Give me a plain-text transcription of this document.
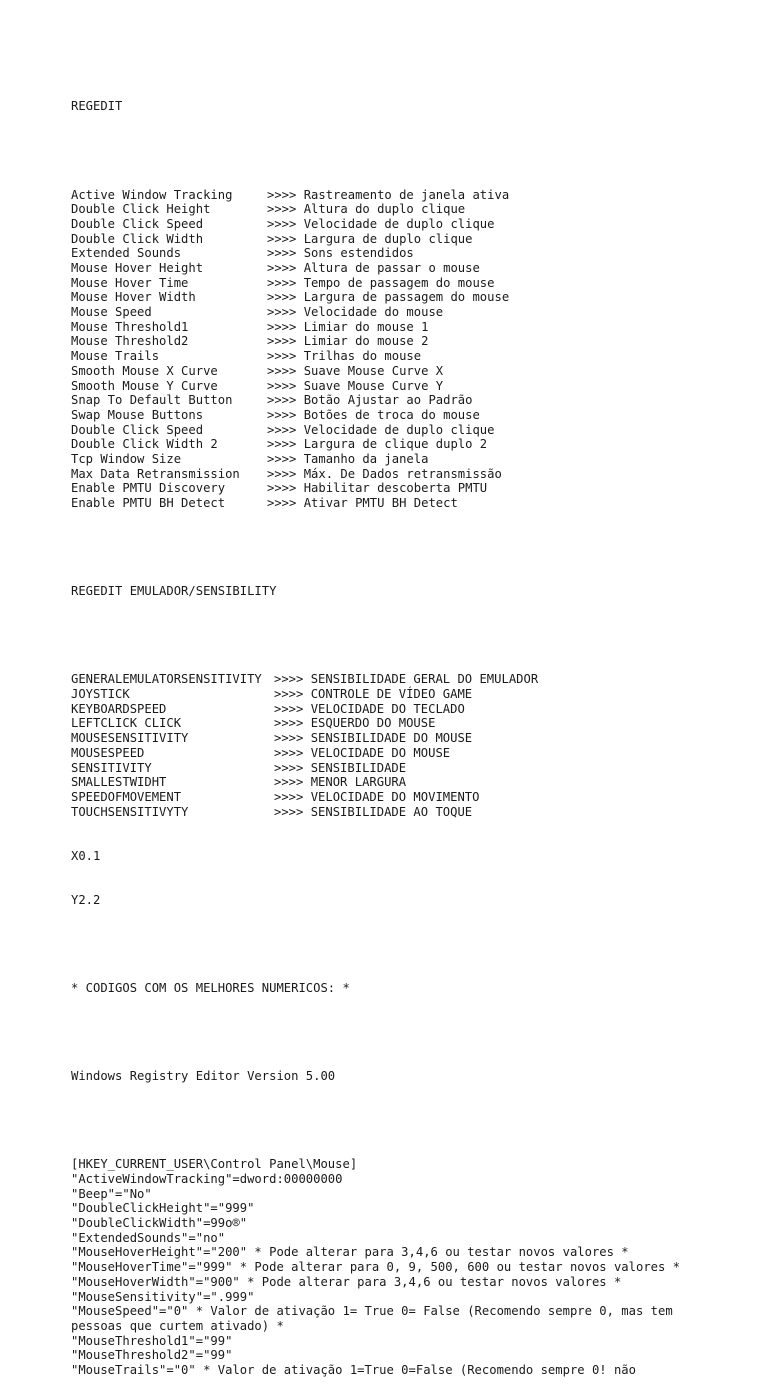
REGEDIT

Active Window Tracking	>>>> Rastreamento de janela ativa
Double Click Height	>>>> Altura do duplo clique
Double Click Speed	>>>> Velocidade de duplo clique
Double Click Width	>>>> Largura de duplo clique
Extended Sounds	>>>> Sons estendidos
Mouse Hover Height	>>>> Altura de passar o mouse
Mouse Hover Time	>>>> Tempo de passagem do mouse
Mouse Hover Width	>>>> Largura de passagem do mouse
Mouse Speed	>>>> Velocidade do mouse
Mouse Threshold1	>>>> Limiar do mouse 1
Mouse Threshold2	>>>> Limiar do mouse 2
Mouse Trails	>>>> Trilhas do mouse
Smooth Mouse X Curve	>>>> Suave Mouse Curve X
Smooth Mouse Y Curve	>>>> Suave Mouse Curve Y
Snap To Default Button	>>>> Botão Ajustar ao Padrão
Swap Mouse Buttons	>>>> Botões de troca do mouse
Double Click Speed	>>>> Velocidade de duplo clique
Double Click Width 2	>>>> Largura de clique duplo 2
Tcp Window Size	>>>> Tamanho da janela
Max Data Retransmission >>>> Máx. De Dados retransmissão
Enable PMTU Discovery	>>>> Habilitar descoberta PMTU
Enable PMTU BH Detect	>>>> Ativar PMTU BH Detect

REGEDIT EMULADOR/SENSIBILITY

GENERALEMULATORSENSITIVITY >>>> SENSIBILIDADE GERAL DO EMULADOR
JOYSTICK	>>>> CONTROLE DE VÍDEO GAME
KEYBOARDSPEED	>>>> VELOCIDADE DO TECLADO
LEFTCLICK CLICK	>>>> ESQUERDO DO MOUSE
MOUSESENSITIVITY	>>>> SENSIBILIDADE DO MOUSE
MOUSESPEED	>>>> VELOCIDADE DO MOUSE
SENSITIVITY	>>>> SENSIBILIDADE
SMALLESTWIDHT	>>>> MENOR LARGURA
SPEEDOFMOVEMENT	>>>> VELOCIDADE DO MOVIMENTO
TOUCHSENSITIVYTY	>>>> SENSIBILIDADE AO TOQUE

X0.1

Y2.2

* CODIGOS COM OS MELHORES NUMERICOS: *

Windows Registry Editor Version 5.00

[HKEY_CURRENT_USER\Control Panel\Mouse]
"ActiveWindowTracking"=dword:00000000
"Beep"="No"
"DoubleClickHeight"="999"
"DoubleClickWidth"=99o®"
"ExtendedSounds"="no"
"MouseHoverHeight"="200" * Pode alterar para 3,4,6 ou testar novos valores *
"MouseHoverTime"="999" * Pode alterar para 0, 9, 500, 600 ou testar novos valores *
"MouseHoverWidth"="900" * Pode alterar para 3,4,6 ou testar novos valores *
"MouseSensitivity"=".999"
"MouseSpeed"="0" * Valor de ativação 1= True 0= False (Recomendo sempre 0, mas tem
pessoas que curtem ativado) *
"MouseThreshold1"="99"
"MouseThreshold2"="99"
"MouseTrails"="0" * Valor de ativação 1=True 0=False (Recomendo sempre 0! não
